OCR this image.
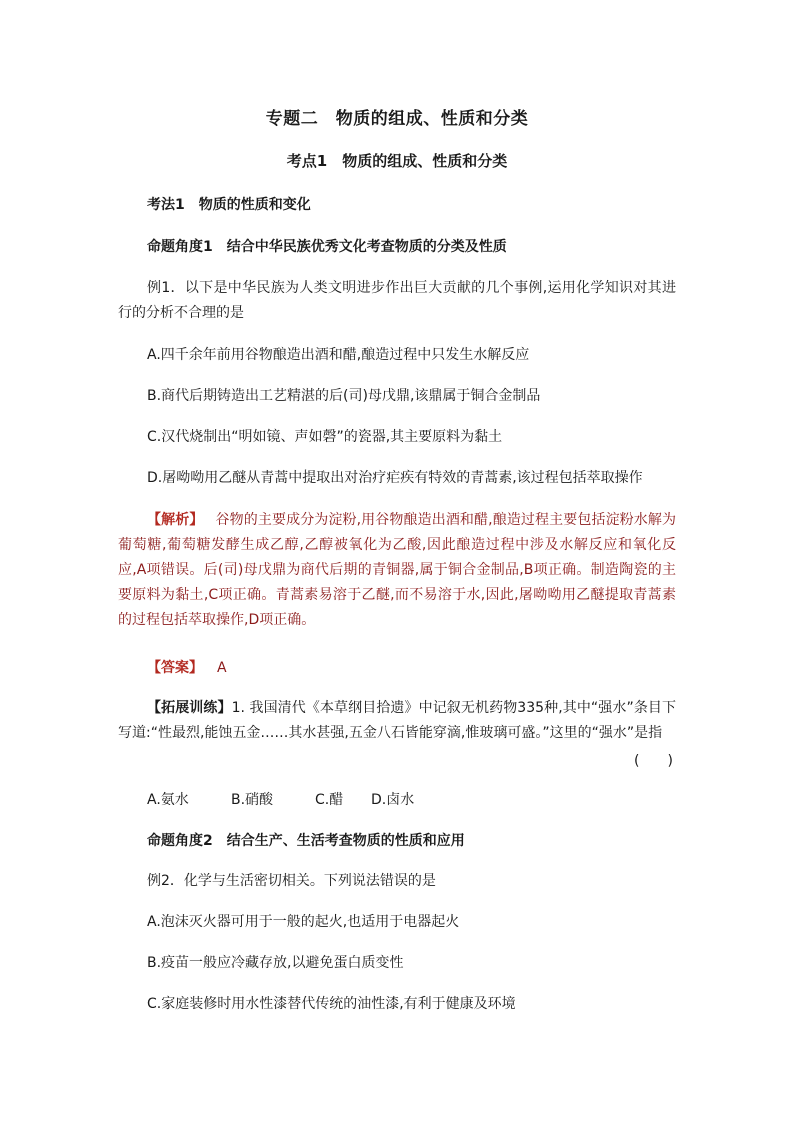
专题二　物质的组成、性质和分类
考点1　物质的组成、性质和分类
考法1　物质的性质和变化
命题角度1　结合中华民族优秀文化考查物质的分类及性质
例1．以下是中华民族为人类文明进步作出巨大贡献的几个事例,运用化学知识对其进行的分析不合理的是
A.四千余年前用谷物酿造出酒和醋,酿造过程中只发生水解反应
B.商代后期铸造出工艺精湛的后(司)母戊鼎,该鼎属于铜合金制品
C.汉代烧制出“明如镜、声如磬”的瓷器,其主要原料为黏土
D.屠呦呦用乙醚从青蒿中提取出对治疗疟疾有特效的青蒿素,该过程包括萃取操作
【解析】 谷物的主要成分为淀粉,用谷物酿造出酒和醋,酿造过程主要包括淀粉水解为葡萄糖,葡萄糖发酵生成乙醇,乙醇被氧化为乙酸,因此酿造过程中涉及水解反应和氧化反应,A项错误。后(司)母戊鼎为商代后期的青铜器,属于铜合金制品,B项正确。制造陶瓷的主要原料为黏土,C项正确。青蒿素易溶于乙醚,而不易溶于水,因此,屠呦呦用乙醚提取青蒿素的过程包括萃取操作,D项正确。
【答案】 A
【拓展训练】1. 我国清代《本草纲目拾遗》中记叙无机药物335种,其中“强水”条目下写道:“性最烈,能蚀五金……其水甚强,五金八石皆能穿滴,惟玻璃可盛。”这里的“强水”是指
(　　)
A.氨水	B.硝酸	C.醋 D.卤水
命题角度2　结合生产、生活考查物质的性质和应用
例2．化学与生活密切相关。下列说法错误的是
A.泡沫灭火器可用于一般的起火,也适用于电器起火
B.疫苗一般应冷藏存放,以避免蛋白质变性
C.家庭装修时用水性漆替代传统的油性漆,有利于健康及环境
